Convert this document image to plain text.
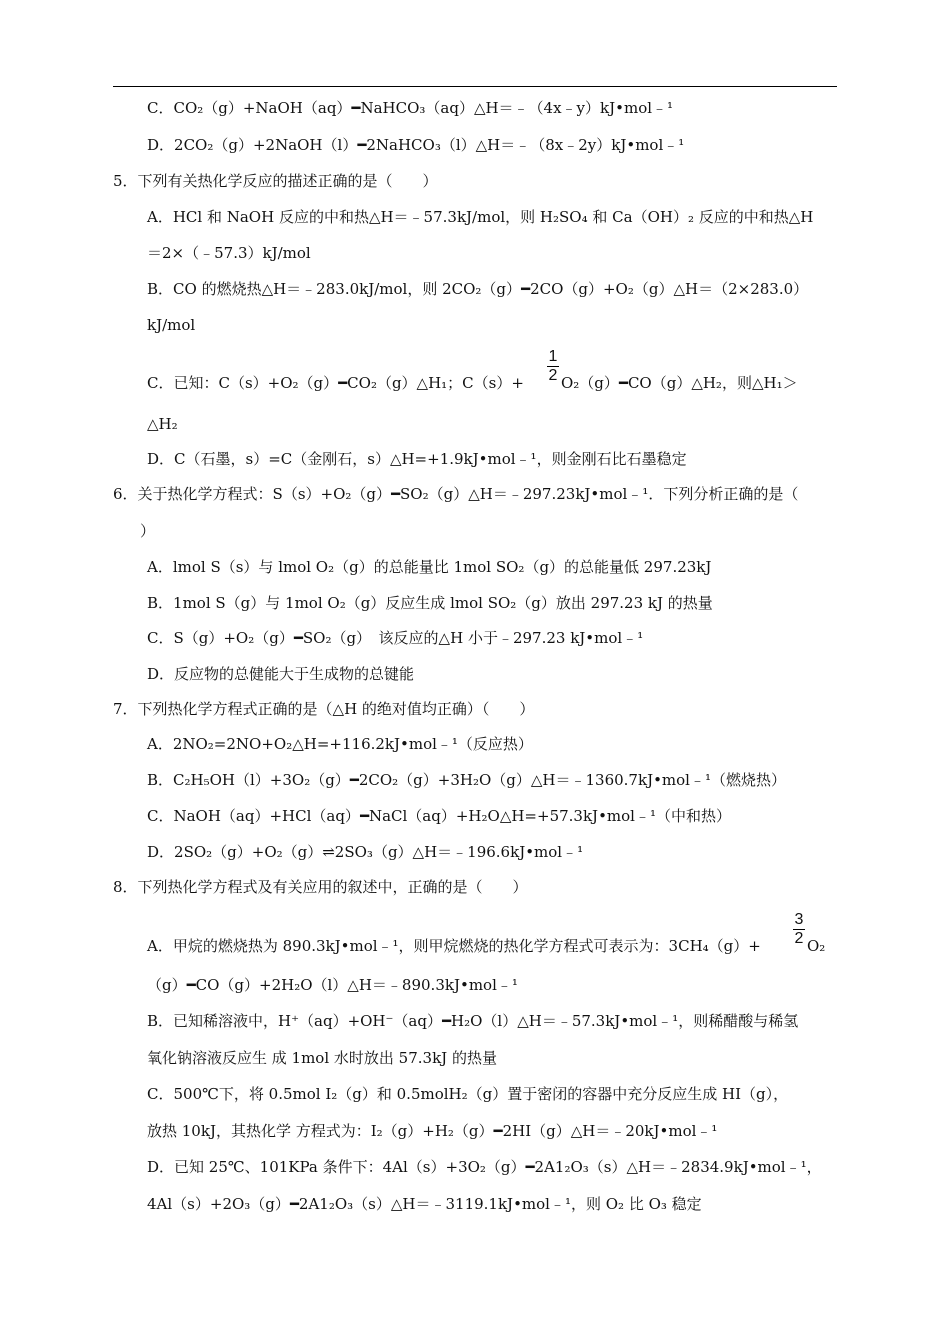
C．CO₂（g）+NaOH（aq）━NaHCO₃（aq）△H＝﹣（4x﹣y）kJ•mol﹣¹
D．2CO₂（g）+2NaOH（l）━2NaHCO₃（l）△H＝﹣（8x﹣2y）kJ•mol﹣¹
5．下列有关热化学反应的描述正确的是（　　）
A．HCl 和 NaOH 反应的中和热△H＝﹣57.3kJ/mol，则 H₂SO₄ 和 Ca（OH）₂ 反应的中和热△H
＝2×（﹣57.3）kJ/mol
B．CO 的燃烧热△H＝﹣283.0kJ/mol，则 2CO₂（g）━2CO（g）+O₂（g）△H＝（2×283.0）
kJ/mol
C．已知：C（s）+O₂（g）━CO₂（g）△H₁；C（s）+
1
2 O₂（g）━CO（g）△H₂，则△H₁＞
△H₂
D．C（石墨，s）=C（金刚石，s）△H=+1.9kJ•mol﹣¹，则金刚石比石墨稳定
6．关于热化学方程式：S（s）+O₂（g）━SO₂（g）△H＝﹣297.23kJ•mol﹣¹．下列分析正确的是（
）
A．lmol S（s）与 lmol O₂（g）的总能量比 1mol SO₂（g）的总能量低 297.23kJ
B．1mol S（g）与 1mol O₂（g）反应生成 lmol SO₂（g）放出 297.23 kJ 的热量
C．S（g）+O₂（g）━SO₂（g）　该反应的△H 小于﹣297.23 kJ•mol﹣¹
D．反应物的总健能大于生成物的总键能
7．下列热化学方程式正确的是（△H 的绝对值均正确）（　　）
A．2NO₂=2NO+O₂△H=+116.2kJ•mol﹣¹（反应热）
B．C₂H₅OH（l）+3O₂（g）━2CO₂（g）+3H₂O（g）△H＝﹣1360.7kJ•mol﹣¹（燃烧热）
C．NaOH（aq）+HCl（aq）━NaCl（aq）+H₂O△H=+57.3kJ•mol﹣¹（中和热）
D．2SO₂（g）+O₂（g）⇌2SO₃（g）△H＝﹣196.6kJ•mol﹣¹
8．下列热化学方程式及有关应用的叙述中，正确的是（　　）
A．甲烷的燃烧热为 890.3kJ•mol﹣¹，则甲烷燃烧的热化学方程式可表示为：3CH₄（g）+
3
2 O₂
（g）━CO（g）+2H₂O（l）△H＝﹣890.3kJ•mol﹣¹
B．已知稀溶液中，H⁺（aq）+OH⁻（aq）━H₂O（l）△H＝﹣57.3kJ•mol﹣¹，则稀醋酸与稀氢
氧化钠溶液反应生 成 1mol 水时放出 57.3kJ 的热量
C．500℃下，将 0.5mol I₂（g）和 0.5molH₂（g）置于密闭的容器中充分反应生成 HI（g），
放热 10kJ，其热化学 方程式为：I₂（g）+H₂（g）━2HI（g）△H＝﹣20kJ•mol﹣¹
D．已知 25℃、101KPa 条件下：4Al（s）+3O₂（g）━2A1₂O₃（s）△H＝﹣2834.9kJ•mol﹣¹，
4Al（s）+2O₃（g）━2A1₂O₃（s）△H＝﹣3119.1kJ•mol﹣¹，则 O₂ 比 O₃ 稳定
